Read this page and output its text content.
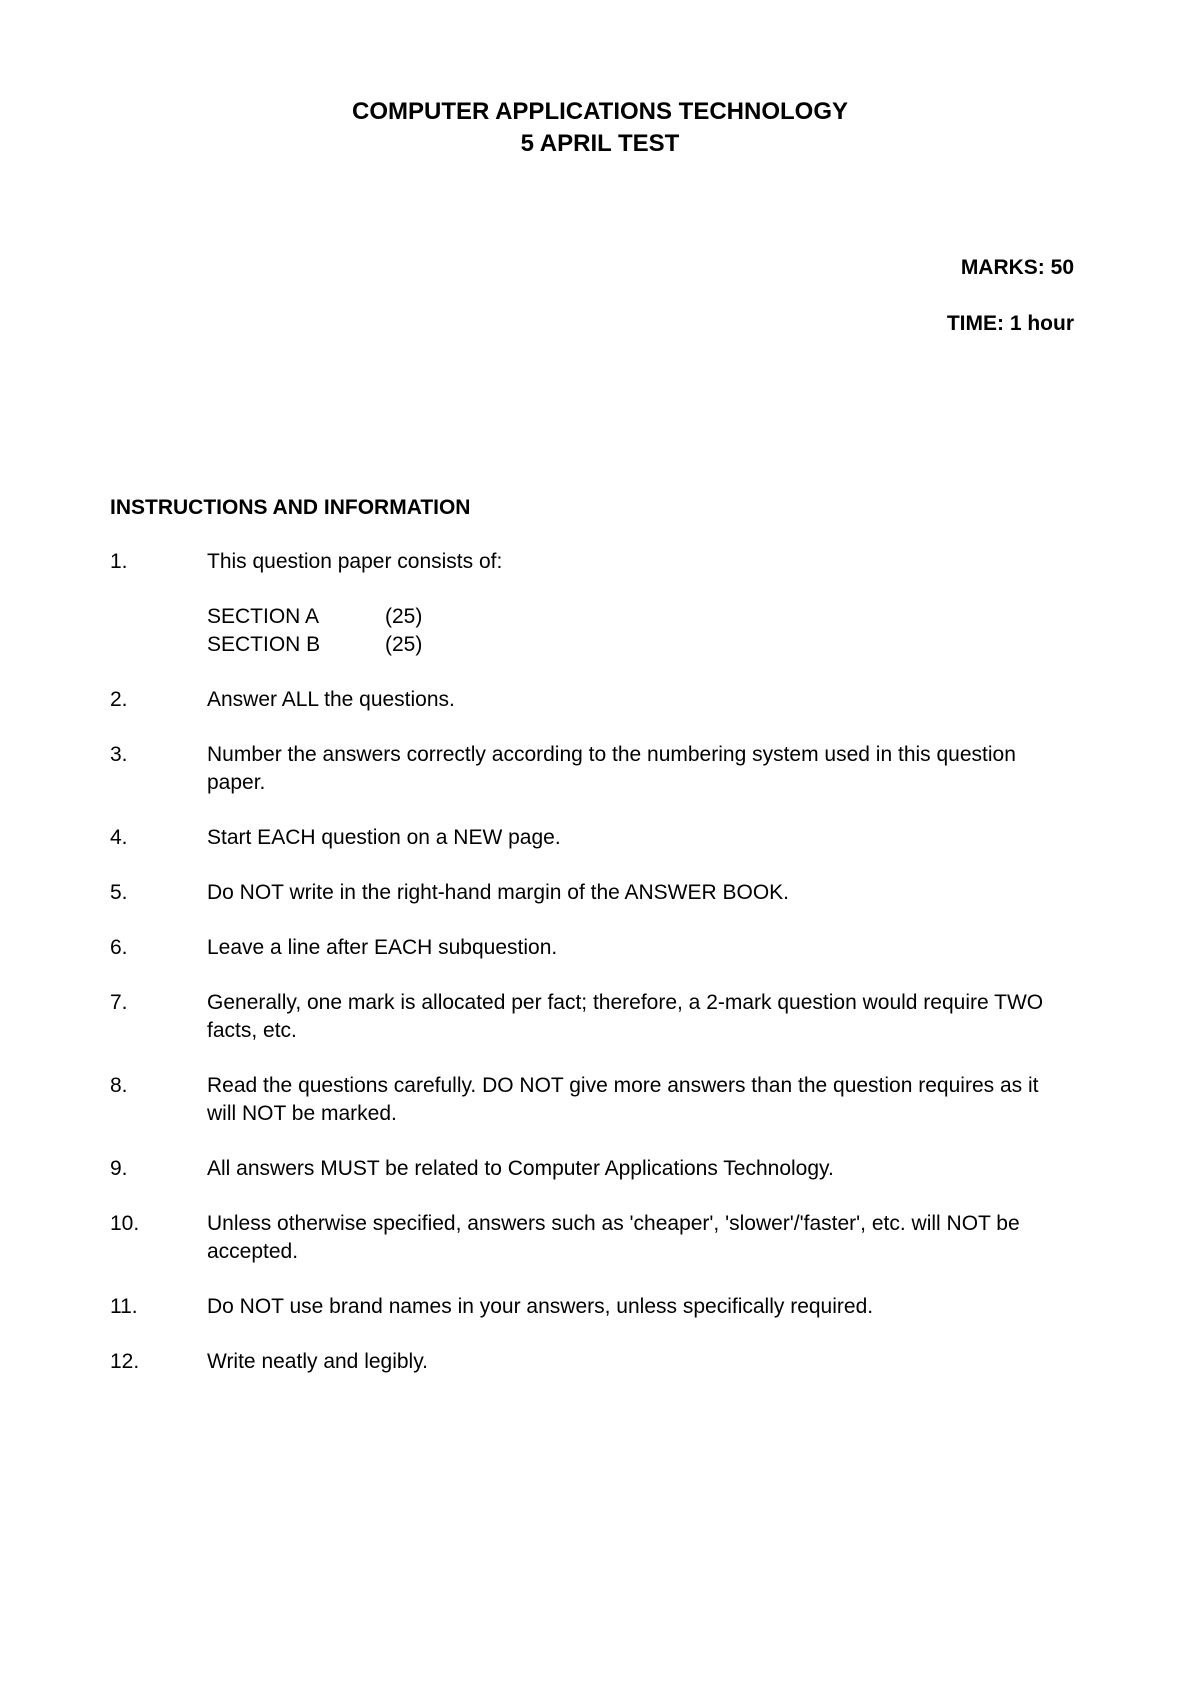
COMPUTER APPLICATIONS TECHNOLOGY
5 APRIL TEST
MARKS: 50
TIME: 1 hour
INSTRUCTIONS AND INFORMATION
1.	This question paper consists of:
SECTION A	(25)
SECTION B	(25)
2.	Answer ALL the questions.
3.	Number the answers correctly according to the numbering system used in this question paper.
4.	Start EACH question on a NEW page.
5.	Do NOT write in the right-hand margin of the ANSWER BOOK.
6.	Leave a line after EACH subquestion.
7.	Generally, one mark is allocated per fact; therefore, a 2-mark question would require TWO facts, etc.
8.	Read the questions carefully. DO NOT give more answers than the question requires as it will NOT be marked.
9.	All answers MUST be related to Computer Applications Technology.
10.	Unless otherwise specified, answers such as 'cheaper', 'slower'/'faster', etc. will NOT be accepted.
11.	Do NOT use brand names in your answers, unless specifically required.
12.	Write neatly and legibly.
